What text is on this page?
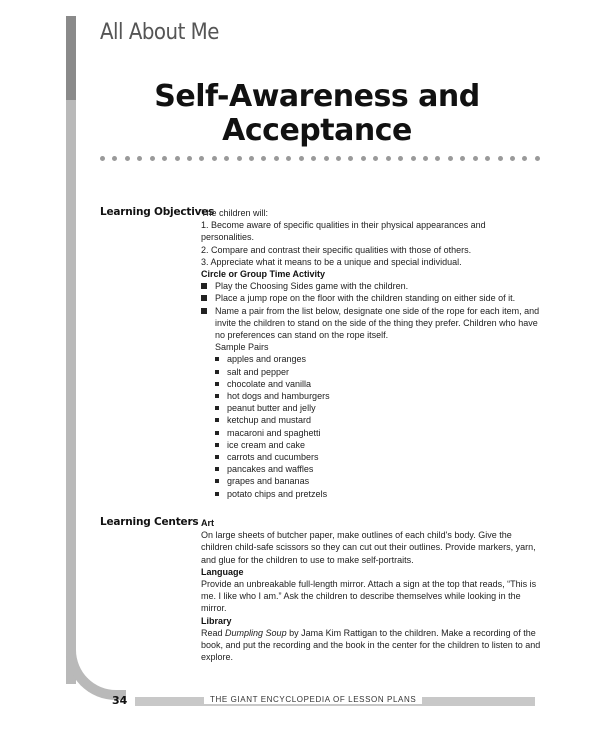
All About Me
Self-Awareness and
Acceptance
Learning Objectives

The children will:

1. Become aware of specific qualities in their physical appearances and personalities.

2. Compare and contrast their specific qualities with those of others.

3. Appreciate what it means to be a unique and special individual.

Circle or Group Time Activity

Play the Choosing Sides game with the children.

Place a jump rope on the floor with the children standing on either side of it.

Name a pair from the list below, designate one side of the rope for each item, and invite the children to stand on the side of the thing they prefer. Children who have no preferences can stand on the rope itself.

Sample Pairs

apples and oranges

salt and pepper

chocolate and vanilla

hot dogs and hamburgers

peanut butter and jelly

ketchup and mustard

macaroni and spaghetti

ice cream and cake

carrots and cucumbers

pancakes and waffles

grapes and bananas

potato chips and pretzels

Learning Centers Art

On large sheets of butcher paper, make outlines of each child's body. Give the children child-safe scissors so they can cut out their outlines. Provide markers, yarn, and glue for the children to use to make self-portraits.

Language

Provide an unbreakable full-length mirror. Attach a sign at the top that reads, “This is me. I like who I am.” Ask the children to describe themselves while looking in the mirror.

Library

Read Dumpling Soup by Jama Kim Rattigan to the children. Make a recording of the book, and put the recording and the book in the center for the children to listen to and explore.

34	THE GIANT ENCYCLOPEDIA OF LESSON PLANS
